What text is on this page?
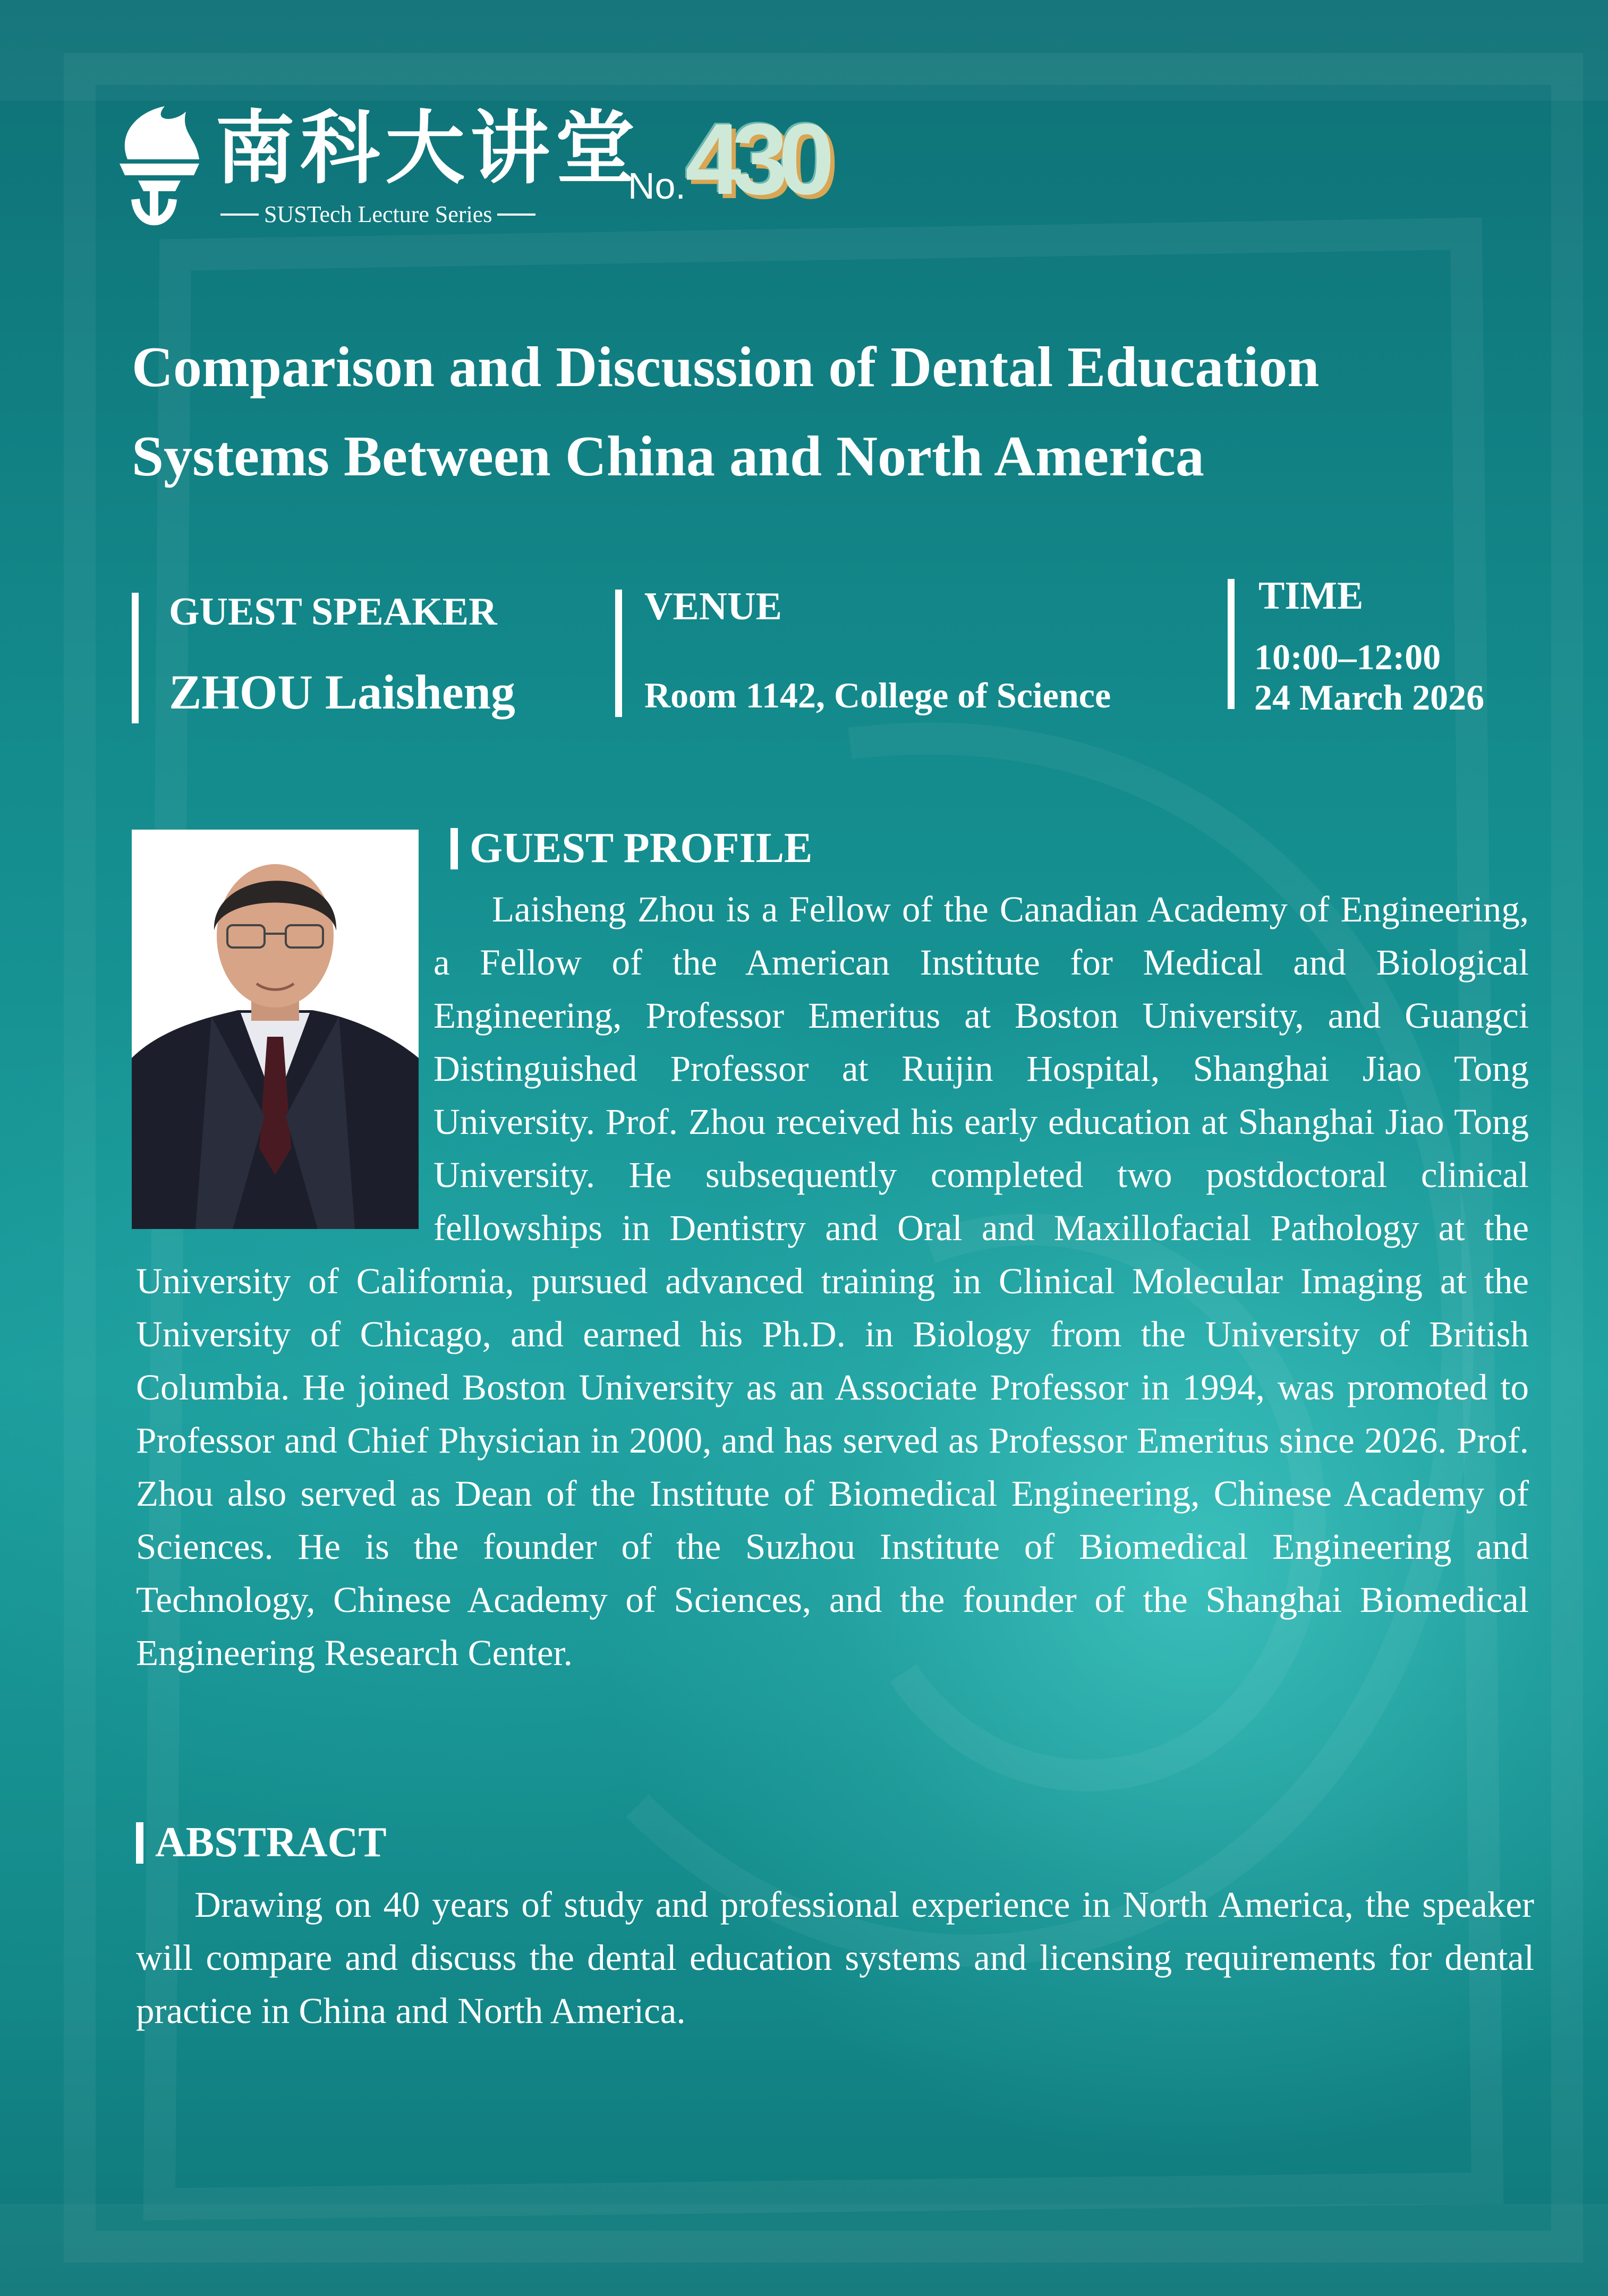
南科大讲堂
SUSTech Lecture Series
No. 430
Comparison and Discussion of Dental Education
Systems Between China and North America
GUEST SPEAKER
ZHOU Laisheng
VENUE
Room 1142, College of Science
TIME
10:00–12:00
24 March 2026
GUEST PROFILE
Laisheng Zhou is a Fellow of the Canadian Academy of Engineering, a Fellow of the American Institute for Medical and Biological Engineering, Professor Emeritus at Boston University, and Guangci Distinguished Professor at Ruijin Hospital, Shanghai Jiao Tong University. Prof. Zhou received his early education at Shanghai Jiao Tong University. He subsequently completed two postdoctoral clinical fellowships in Dentistry and Oral and Maxillofacial Pathology at the University of California, pursued advanced training in Clinical Molecular Imaging at the University of Chicago, and earned his Ph.D. in Biology from the University of British Columbia. He joined Boston University as an Associate Professor in 1994, was promoted to Professor and Chief Physician in 2000, and has served as Professor Emeritus since 2026. Prof. Zhou also served as Dean of the Institute of Biomedical Engineering, Chinese Academy of Sciences. He is the founder of the Suzhou Institute of Biomedical Engineering and Technology, Chinese Academy of Sciences, and the founder of the Shanghai Biomedical Engineering Research Center.
ABSTRACT
Drawing on 40 years of study and professional experience in North America, the speaker will compare and discuss the dental education systems and licensing requirements for dental practice in China and North America.
